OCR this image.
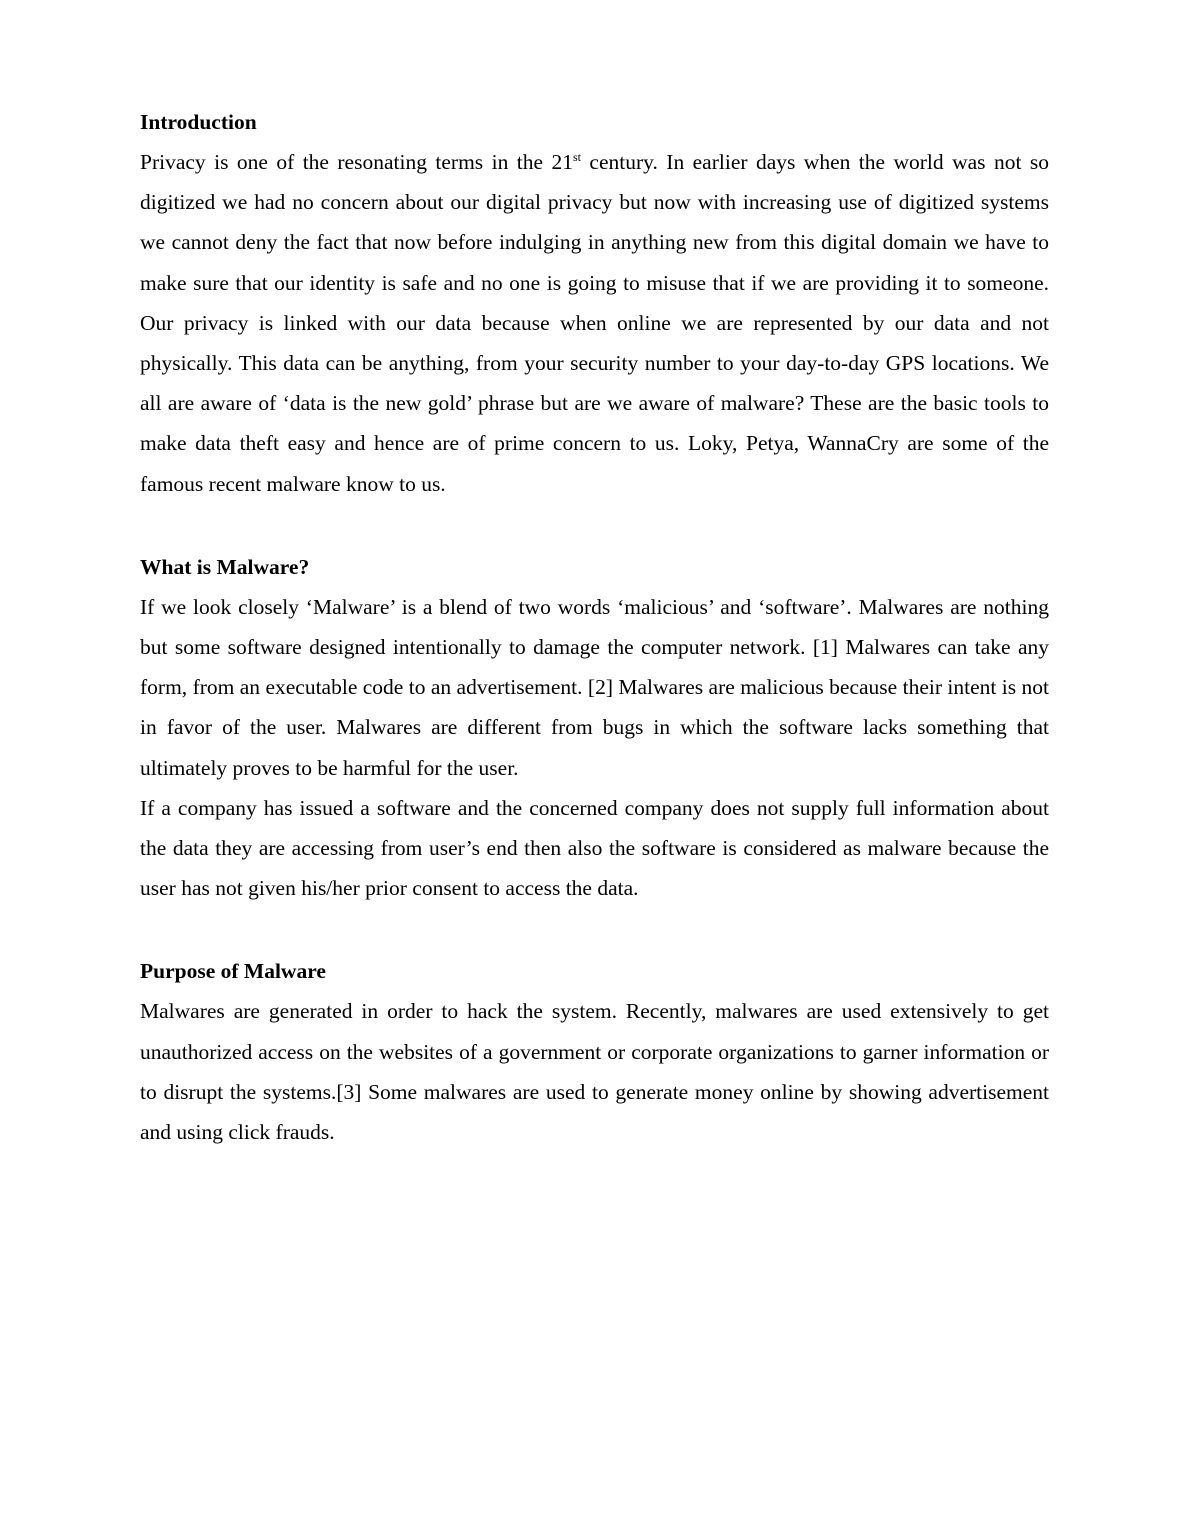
Introduction

Privacy is one of the resonating terms in the 21st century. In earlier days when the world was not so digitized we had no concern about our digital privacy but now with increasing use of digitized systems we cannot deny the fact that now before indulging in anything new from this digital domain we have to make sure that our identity is safe and no one is going to misuse that if we are providing it to someone. Our privacy is linked with our data because when online we are represented by our data and not physically. This data can be anything, from your security number to your day-to-day GPS locations. We all are aware of ‘data is the new gold’ phrase but are we aware of malware? These are the basic tools to make data theft easy and hence are of prime concern to us. Loky, Petya, WannaCry are some of the famous recent malware know to us.

What is Malware?

If we look closely ‘Malware’ is a blend of two words ‘malicious’ and ‘software’. Malwares are nothing but some software designed intentionally to damage the computer network. [1] Malwares can take any form, from an executable code to an advertisement. [2] Malwares are malicious because their intent is not in favor of the user. Malwares are different from bugs in which the software lacks something that ultimately proves to be harmful for the user.

If a company has issued a software and the concerned company does not supply full information about the data they are accessing from user’s end then also the software is considered as malware because the user has not given his/her prior consent to access the data.

Purpose of Malware

Malwares are generated in order to hack the system. Recently, malwares are used extensively to get unauthorized access on the websites of a government or corporate organizations to garner information or to disrupt the systems.[3] Some malwares are used to generate money online by showing advertisement and using click frauds.
